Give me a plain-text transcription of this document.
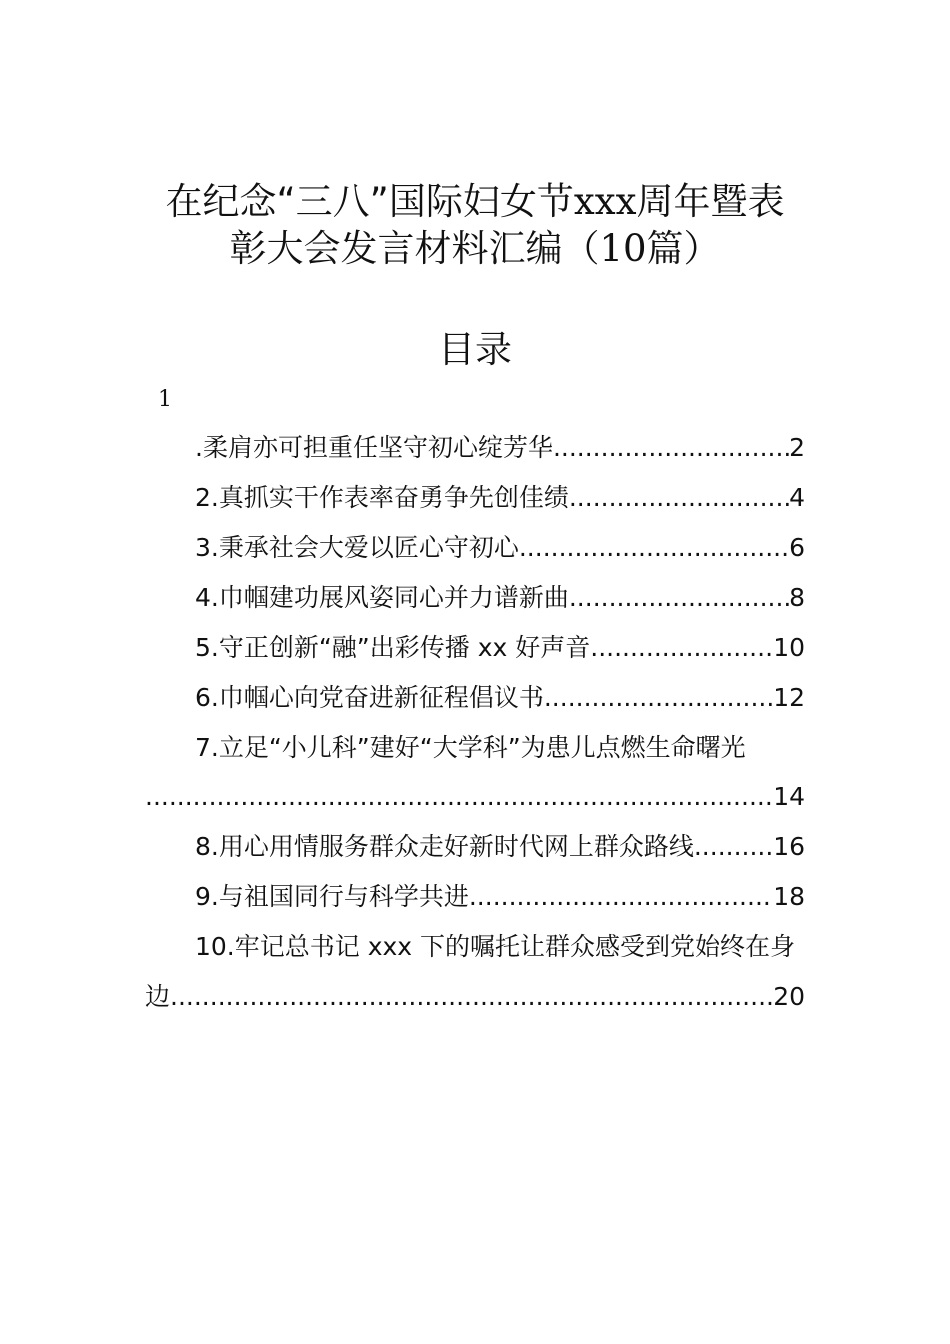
在纪念“三八”国际妇女节xxx周年暨表
彰大会发言材料汇编（10篇）
目录
1
.柔肩亦可担重任坚守初心绽芳华 .....	2
2.真抓实干作表率奋勇争先创佳绩 .....	4
3.秉承社会大爱以匠心守初心 .....	6
4.巾帼建功展风姿同心并力谱新曲 .....	8
5.守正创新“融”出彩传播 xx 好声音 .....	10
6.巾帼心向党奋进新征程倡议书 .....	12
7.立足“小儿科”建好“大学科”为患儿点燃生命曙光
.....
14
8.用心用情服务群众走好新时代网上群众路线 .....	16
9.与祖国同行与科学共进 .....	18
10.牢记总书记 xxx 下的嘱托让群众感受到党始终在身
边 .....	20
